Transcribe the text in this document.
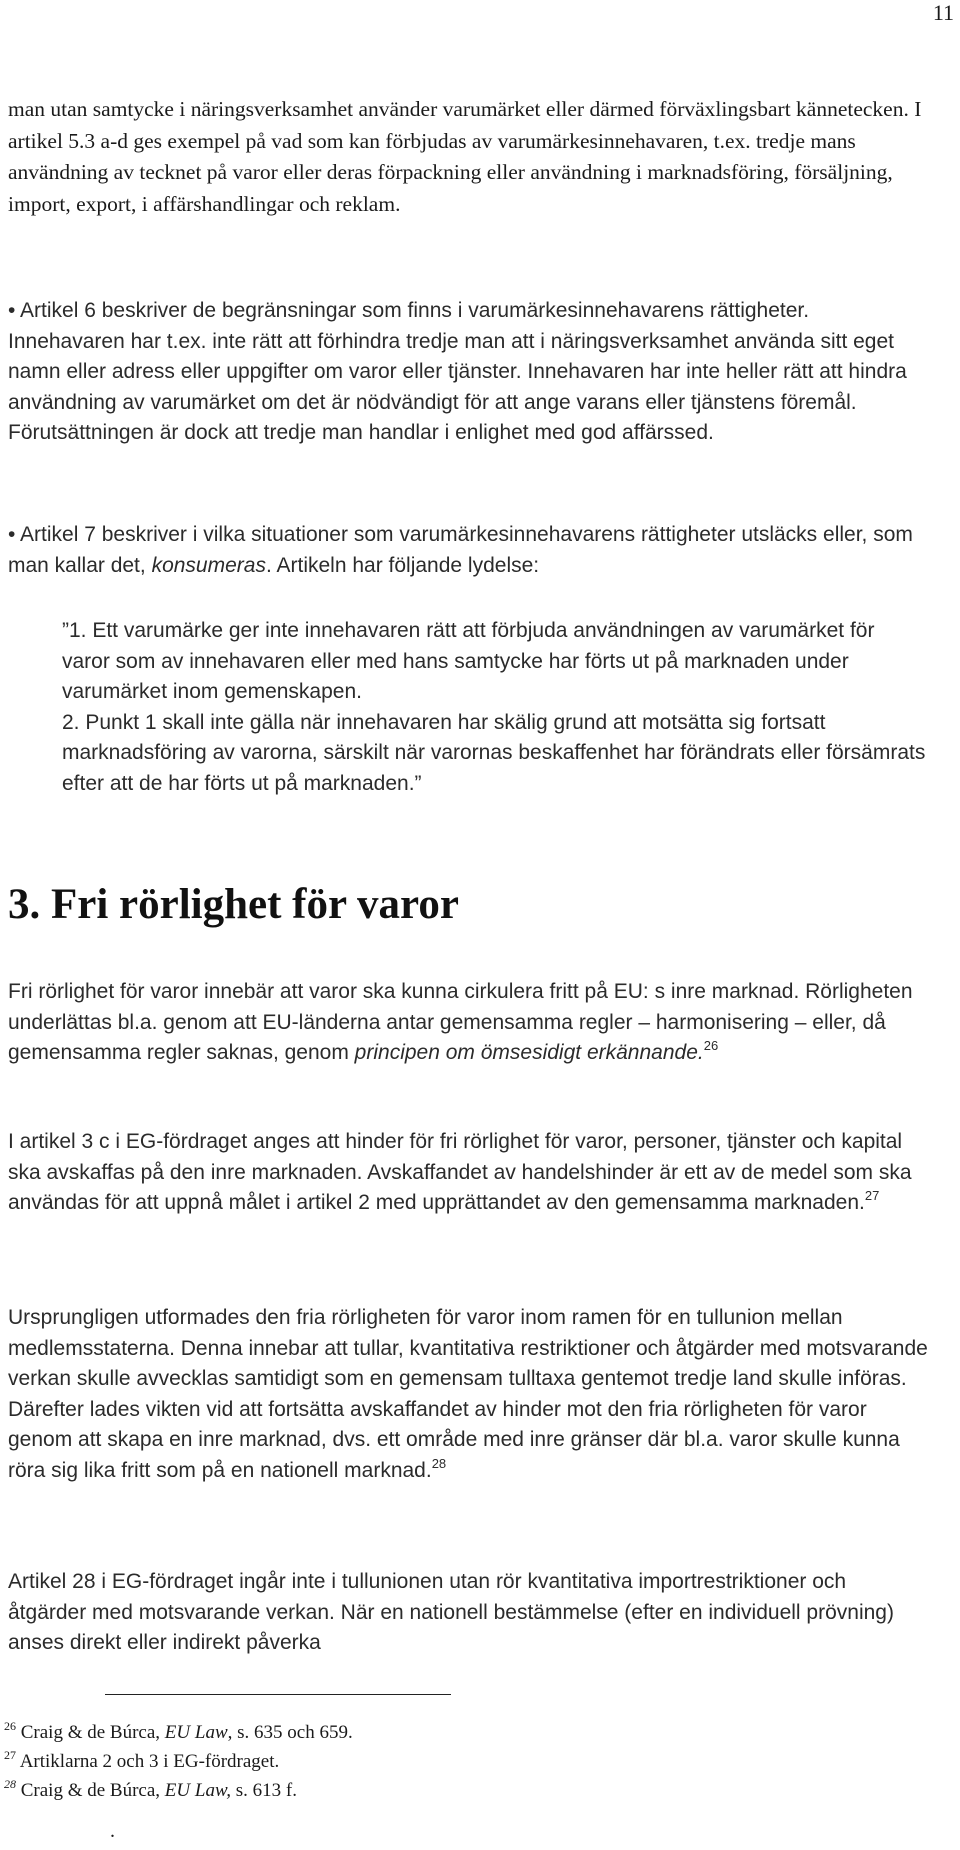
11
man utan samtycke i näringsverksamhet använder varumärket eller därmed förväxlingsbart kännetecken. I artikel 5.3 a-d ges exempel på vad som kan förbjudas av varumärkesinnehavaren, t.ex. tredje mans användning av tecknet på varor eller deras förpackning eller användning i marknadsföring, försäljning, import, export, i affärshandlingar och reklam.
• Artikel 6 beskriver de begränsningar som finns i varumärkesinnehavarens rättigheter. Innehavaren har t.ex. inte rätt att förhindra tredje man att i näringsverksamhet använda sitt eget namn eller adress eller uppgifter om varor eller tjänster. Innehavaren har inte heller rätt att hindra användning av varumärket om det är nödvändigt för att ange varans eller tjänstens föremål. Förutsättningen är dock att tredje man handlar i enlighet med god affärssed.
• Artikel 7 beskriver i vilka situationer som varumärkesinnehavarens rättigheter utsläcks eller, som man kallar det, konsumeras. Artikeln har följande lydelse:
”1. Ett varumärke ger inte innehavaren rätt att förbjuda användningen av varumärket för varor som av innehavaren eller med hans samtycke har förts ut på marknaden under varumärket inom gemenskapen.
2. Punkt 1 skall inte gälla när innehavaren har skälig grund att motsätta sig fortsatt marknadsföring av varorna, särskilt när varornas beskaffenhet har förändrats eller försämrats efter att de har förts ut på marknaden.”
3. Fri rörlighet för varor
Fri rörlighet för varor innebär att varor ska kunna cirkulera fritt på EU: s inre marknad. Rörligheten underlättas bl.a. genom att EU-länderna antar gemensamma regler – harmonisering – eller, då gemensamma regler saknas, genom principen om ömsesidigt erkännande.$^{26}$
I artikel 3 c i EG-fördraget anges att hinder för fri rörlighet för varor, personer, tjänster och kapital ska avskaffas på den inre marknaden. Avskaffandet av handelshinder är ett av de medel som ska användas för att uppnå målet i artikel 2 med upprättandet av den gemensamma marknaden.$^{27}$
Ursprungligen utformades den fria rörligheten för varor inom ramen för en tullunion mellan medlemsstaterna. Denna innebar att tullar, kvantitativa restriktioner och åtgärder med motsvarande verkan skulle avvecklas samtidigt som en gemensam tulltaxa gentemot tredje land skulle införas. Därefter lades vikten vid att fortsätta avskaffandet av hinder mot den fria rörligheten för varor genom att skapa en inre marknad, dvs. ett område med inre gränser där bl.a. varor skulle kunna röra sig lika fritt som på en nationell marknad.$^{28}$
Artikel 28 i EG-fördraget ingår inte i tullunionen utan rör kvantitativa importrestriktioner och åtgärder med motsvarande verkan. När en nationell bestämmelse (efter en individuell prövning) anses direkt eller indirekt påverka
$^{26}$ Craig & de Búrca, EU Law, s. 635 och 659.
$^{27}$ Artiklarna 2 och 3 i EG-fördraget.
$^{28}$ Craig & de Búrca, EU Law, s. 613 f.
.
